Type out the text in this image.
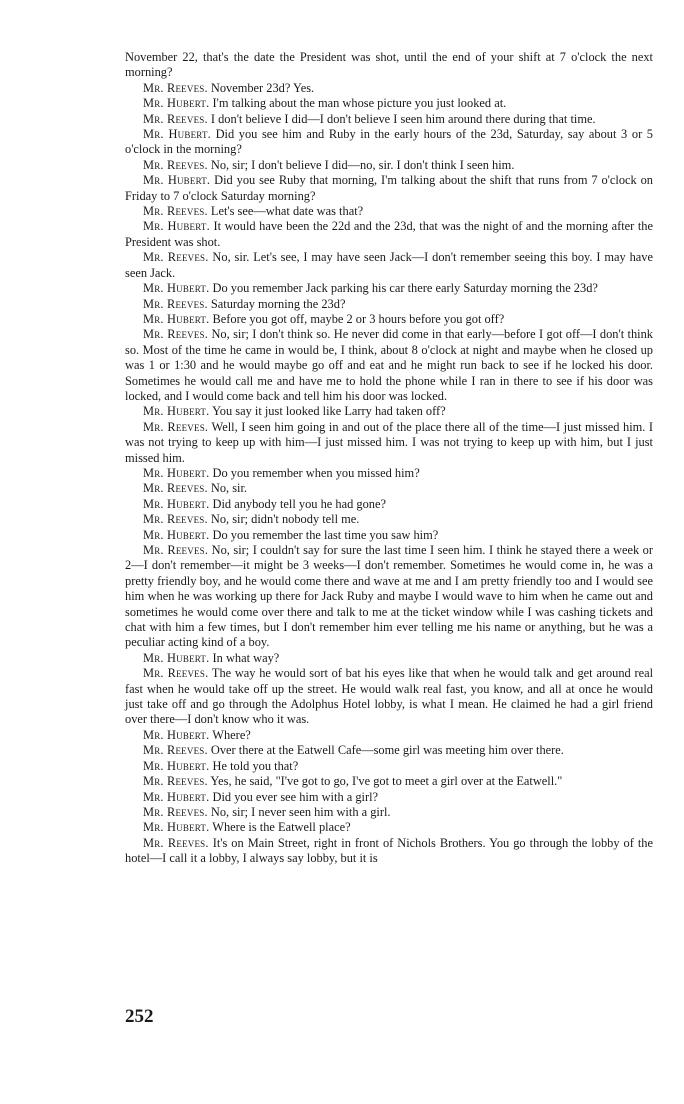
November 22, that's the date the President was shot, until the end of your shift at 7 o'clock the next morning?

Mr. Reeves. November 23d? Yes.

Mr. Hubert. I'm talking about the man whose picture you just looked at.

Mr. Reeves. I don't believe I did—I don't believe I seen him around there during that time.

Mr. Hubert. Did you see him and Ruby in the early hours of the 23d, Saturday, say about 3 or 5 o'clock in the morning?

Mr. Reeves. No, sir; I don't believe I did—no, sir. I don't think I seen him.

Mr. Hubert. Did you see Ruby that morning, I'm talking about the shift that runs from 7 o'clock on Friday to 7 o'clock Saturday morning?

Mr. Reeves. Let's see—what date was that?

Mr. Hubert. It would have been the 22d and the 23d, that was the night of and the morning after the President was shot.

Mr. Reeves. No, sir. Let's see, I may have seen Jack—I don't remember seeing this boy. I may have seen Jack.

Mr. Hubert. Do you remember Jack parking his car there early Saturday morning the 23d?

Mr. Reeves. Saturday morning the 23d?

Mr. Hubert. Before you got off, maybe 2 or 3 hours before you got off?

Mr. Reeves. No, sir; I don't think so. He never did come in that early—before I got off—I don't think so. Most of the time he came in would be, I think, about 8 o'clock at night and maybe when he closed up was 1 or 1:30 and he would maybe go off and eat and he might run back to see if he locked his door. Sometimes he would call me and have me to hold the phone while I ran in there to see if his door was locked, and I would come back and tell him his door was locked.

Mr. Hubert. You say it just looked like Larry had taken off?

Mr. Reeves. Well, I seen him going in and out of the place there all of the time—I just missed him. I was not trying to keep up with him—I just missed him. I was not trying to keep up with him, but I just missed him.

Mr. Hubert. Do you remember when you missed him?

Mr. Reeves. No, sir.

Mr. Hubert. Did anybody tell you he had gone?

Mr. Reeves. No, sir; didn't nobody tell me.

Mr. Hubert. Do you remember the last time you saw him?

Mr. Reeves. No, sir; I couldn't say for sure the last time I seen him. I think he stayed there a week or 2—I don't remember—it might be 3 weeks—I don't remember. Sometimes he would come in, he was a pretty friendly boy, and he would come there and wave at me and I am pretty friendly too and I would see him when he was working up there for Jack Ruby and maybe I would wave to him when he came out and sometimes he would come over there and talk to me at the ticket window while I was cashing tickets and chat with him a few times, but I don't remember him ever telling me his name or anything, but he was a peculiar acting kind of a boy.

Mr. Hubert. In what way?

Mr. Reeves. The way he would sort of bat his eyes like that when he would talk and get around real fast when he would take off up the street. He would walk real fast, you know, and all at once he would just take off and go through the Adolphus Hotel lobby, is what I mean. He claimed he had a girl friend over there—I don't know who it was.

Mr. Hubert. Where?

Mr. Reeves. Over there at the Eatwell Cafe—some girl was meeting him over there.

Mr. Hubert. He told you that?

Mr. Reeves. Yes, he said, "I've got to go, I've got to meet a girl over at the Eatwell."

Mr. Hubert. Did you ever see him with a girl?

Mr. Reeves. No, sir; I never seen him with a girl.

Mr. Hubert. Where is the Eatwell place?

Mr. Reeves. It's on Main Street, right in front of Nichols Brothers. You go through the lobby of the hotel—I call it a lobby, I always say lobby, but it is

252
